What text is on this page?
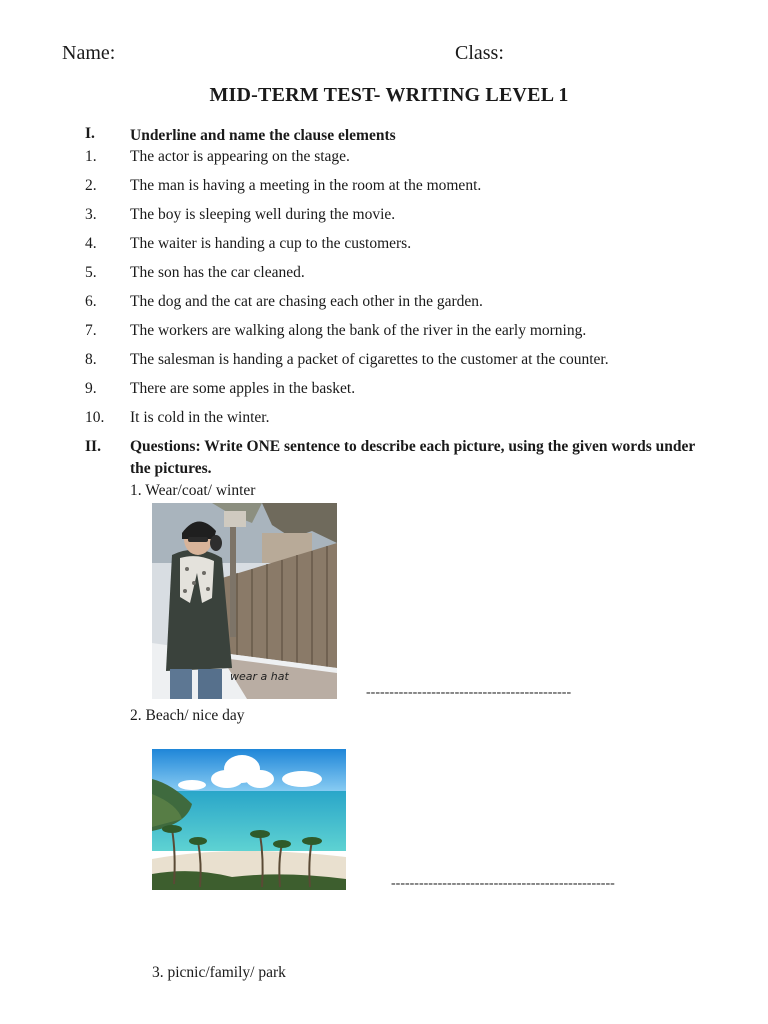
Name:	Class:
MID-TERM TEST- WRITING LEVEL 1
I. Underline and name the clause elements
1. The actor is appearing on the stage.
2. The man is having a meeting in the room at the moment.
3. The boy is sleeping well during the movie.
4. The waiter is handing a cup to the customers.
5. The son has the car cleaned.
6. The dog and the cat are chasing each other in the garden.
7. The workers are walking along the bank of the river in the early morning.
8. The salesman is handing a packet of cigarettes to the customer at the counter.
9. There are some apples in the basket.
10. It is cold in the winter.
II. Questions: Write ONE sentence to describe each picture, using the given words under the pictures.
1. Wear/coat/ winter
wear a hat
--------------------------------------------
2. Beach/ nice day
------------------------------------------------
3. picnic/family/ park
